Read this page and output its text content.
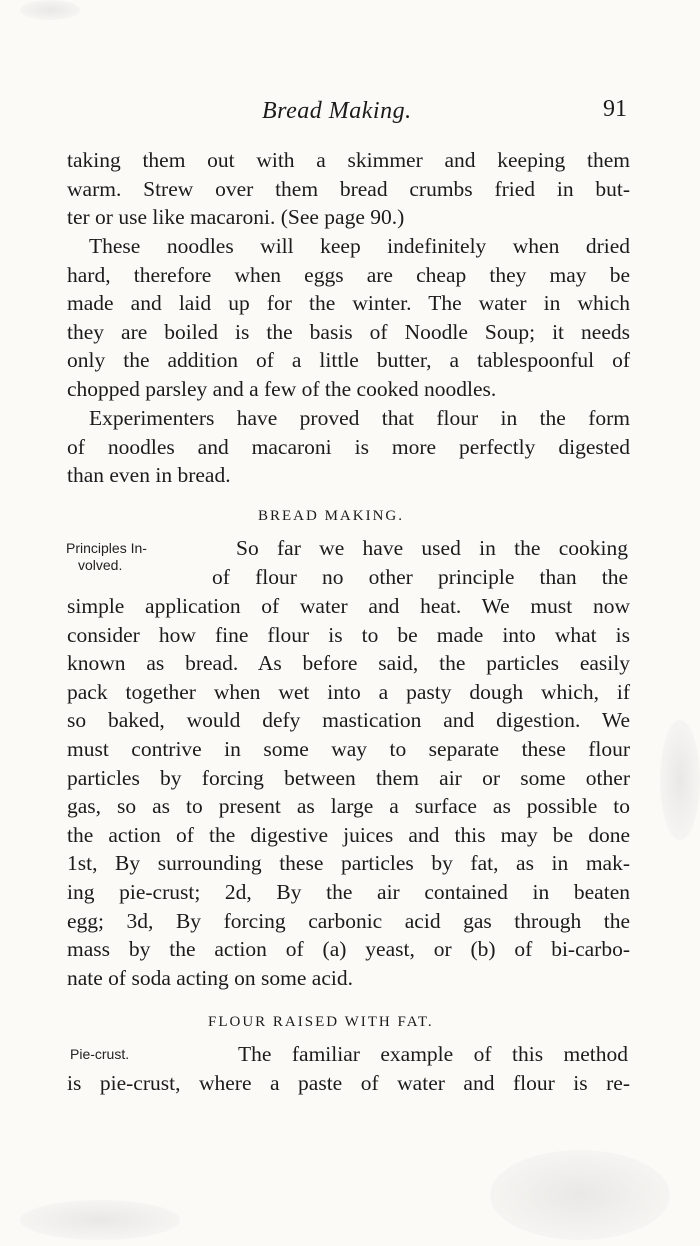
Bread Making.	91
taking them out with a skimmer and keeping them
warm. Strew over them bread crumbs fried in but-
ter or use like macaroni. (See page 90.)
These noodles will keep indefinitely when dried
hard, therefore when eggs are cheap they may be
made and laid up for the winter. The water in which
they are boiled is the basis of Noodle Soup; it needs
only the addition of a little butter, a tablespoonful of
chopped parsley and a few of the cooked noodles.
Experimenters have proved that flour in the form
of noodles and macaroni is more perfectly digested
than even in bread.
BREAD MAKING.
Principles In-
volved.
So far we have used in the cooking
of flour no other principle than the
simple application of water and heat. We must now
consider how fine flour is to be made into what is
known as bread. As before said, the particles easily
pack together when wet into a pasty dough which, if
so baked, would defy mastication and digestion. We
must contrive in some way to separate these flour
particles by forcing between them air or some other
gas, so as to present as large a surface as possible to
the action of the digestive juices and this may be done
1st, By surrounding these particles by fat, as in mak-
ing pie-crust; 2d, By the air contained in beaten
egg; 3d, By forcing carbonic acid gas through the
mass by the action of (a) yeast, or (b) of bi-carbo-
nate of soda acting on some acid.
FLOUR RAISED WITH FAT.
Pie-crust.	The familiar example of this method
is pie-crust, where a paste of water and flour is re-
